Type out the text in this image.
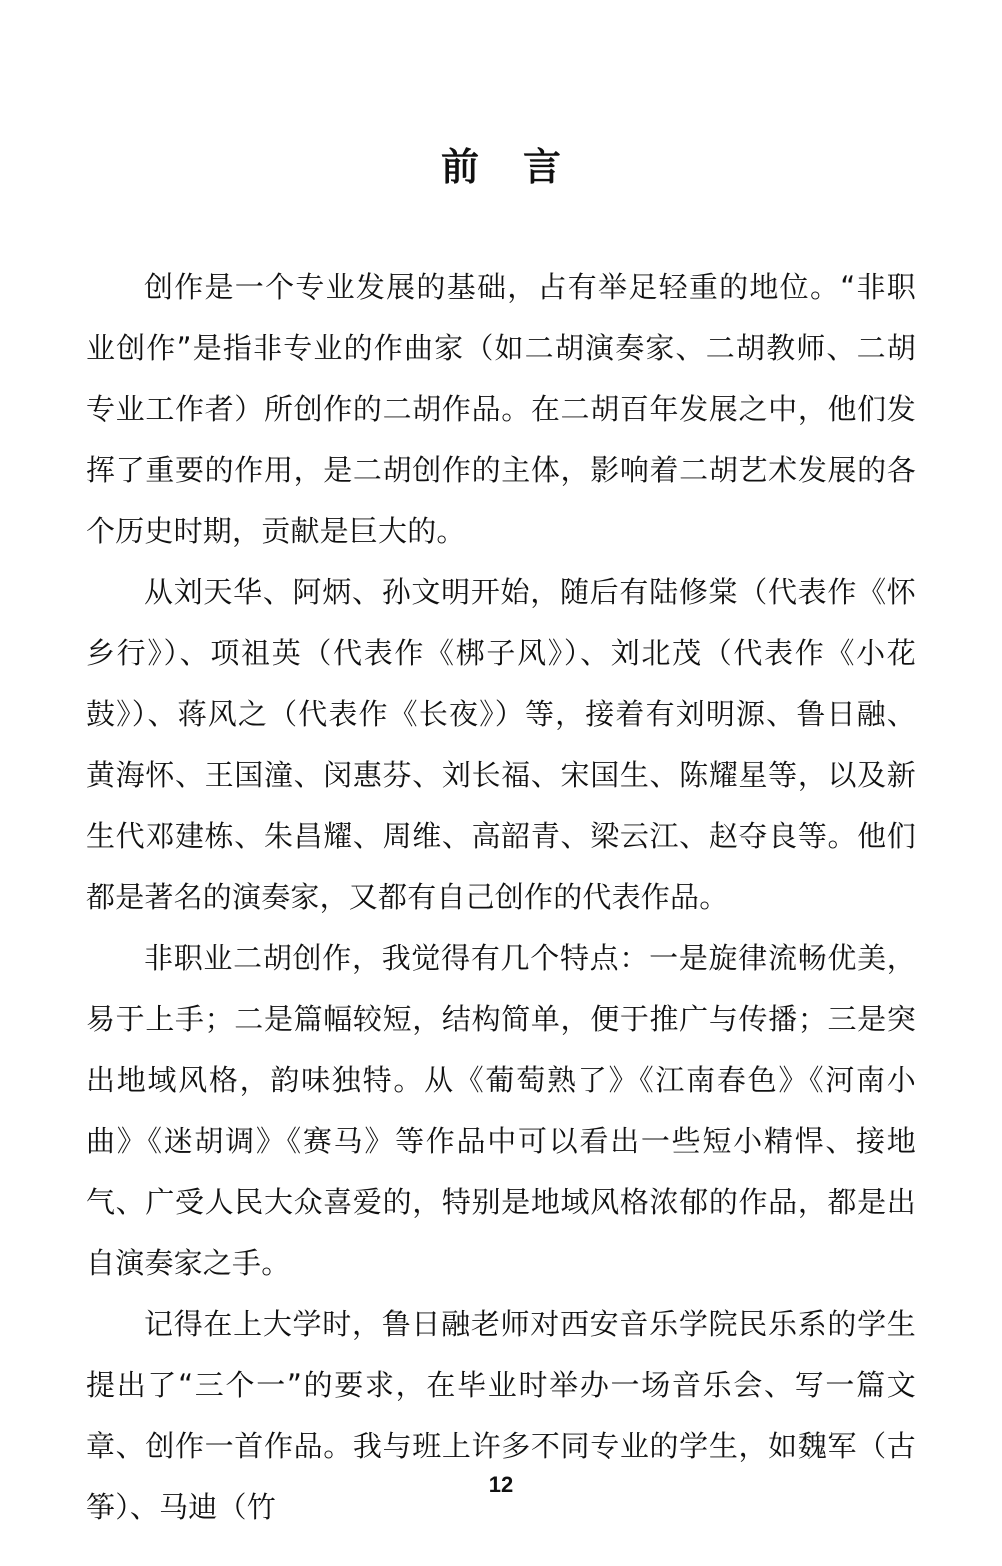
前言

创作是一个专业发展的基础，占有举足轻重的地位。“非职业创作”是指非专业的作曲家（如二胡演奏家、二胡教师、二胡专业工作者）所创作的二胡作品。在二胡百年发展之中，他们发挥了重要的作用，是二胡创作的主体，影响着二胡艺术发展的各个历史时期，贡献是巨大的。

从刘天华、阿炳、孙文明开始，随后有陆修棠（代表作《怀乡行》）、项祖英（代表作《梆子风》）、刘北茂（代表作《小花鼓》）、蒋风之（代表作《长夜》）等，接着有刘明源、鲁日融、黄海怀、王国潼、闵惠芬、刘长福、宋国生、陈耀星等，以及新生代邓建栋、朱昌耀、周维、高韶青、梁云江、赵夺良等。他们都是著名的演奏家，又都有自己创作的代表作品。

非职业二胡创作，我觉得有几个特点：一是旋律流畅优美，易于上手；二是篇幅较短，结构简单，便于推广与传播；三是突出地域风格，韵味独特。从《葡萄熟了》《江南春色》《河南小曲》《迷胡调》《赛马》等作品中可以看出一些短小精悍、接地气、广受人民大众喜爱的，特别是地域风格浓郁的作品，都是出自演奏家之手。

记得在上大学时，鲁日融老师对西安音乐学院民乐系的学生提出了“三个一”的要求，在毕业时举办一场音乐会、写一篇文章、创作一首作品。我与班上许多不同专业的学生，如魏军（古筝）、马迪（竹

12
